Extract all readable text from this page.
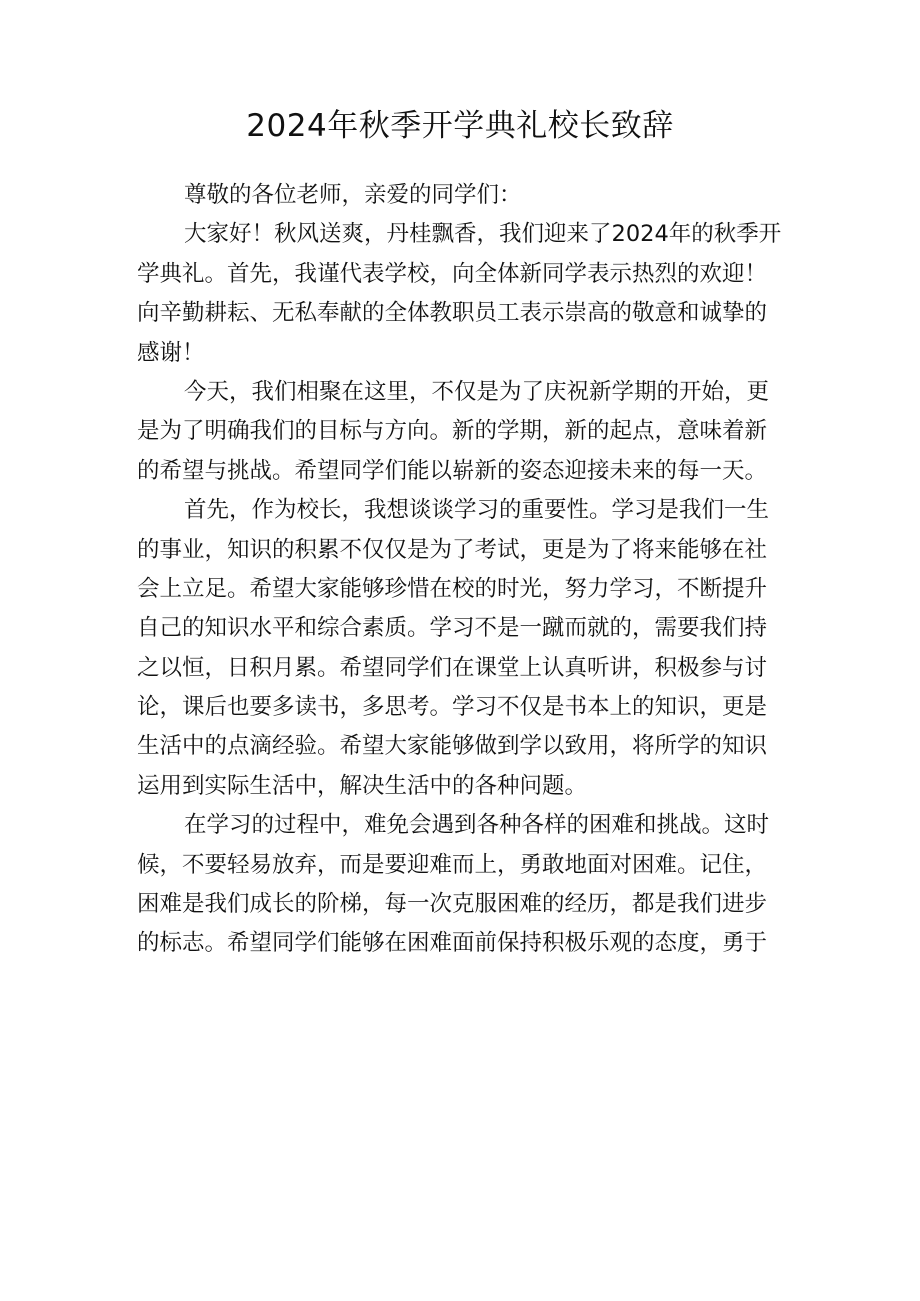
2024年秋季开学典礼校长致辞
尊敬的各位老师，亲爱的同学们：
大家好！秋风送爽，丹桂飘香，我们迎来了2024年的秋季开
学典礼。首先，我谨代表学校，向全体新同学表示热烈的欢迎！
向辛勤耕耘、无私奉献的全体教职员工表示崇高的敬意和诚挚的
感谢！
今天，我们相聚在这里，不仅是为了庆祝新学期的开始，更
是为了明确我们的目标与方向。新的学期，新的起点，意味着新
的希望与挑战。希望同学们能以崭新的姿态迎接未来的每一天。
首先，作为校长，我想谈谈学习的重要性。学习是我们一生
的事业，知识的积累不仅仅是为了考试，更是为了将来能够在社
会上立足。希望大家能够珍惜在校的时光，努力学习，不断提升
自己的知识水平和综合素质。学习不是一蹴而就的，需要我们持
之以恒，日积月累。希望同学们在课堂上认真听讲，积极参与讨
论，课后也要多读书，多思考。学习不仅是书本上的知识，更是
生活中的点滴经验。希望大家能够做到学以致用，将所学的知识
运用到实际生活中，解决生活中的各种问题。
在学习的过程中，难免会遇到各种各样的困难和挑战。这时
候，不要轻易放弃，而是要迎难而上，勇敢地面对困难。记住，
困难是我们成长的阶梯，每一次克服困难的经历，都是我们进步
的标志。希望同学们能够在困难面前保持积极乐观的态度，勇于
